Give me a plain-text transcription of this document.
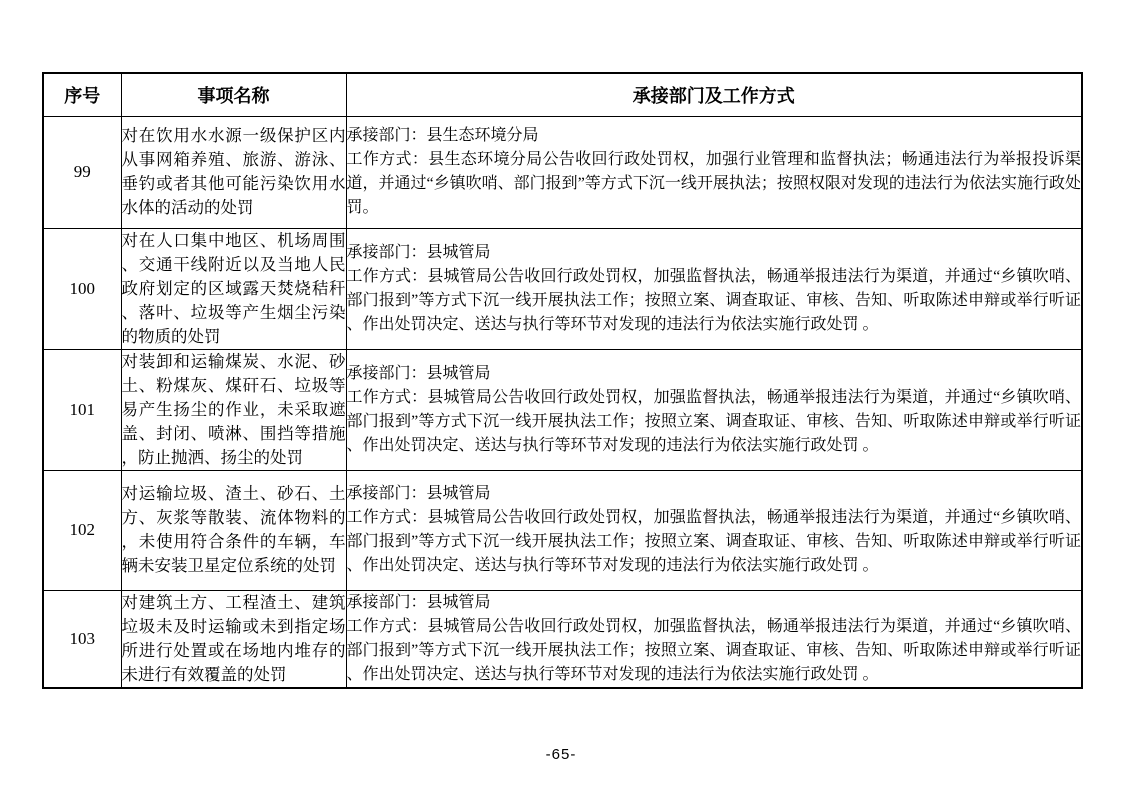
序号	事项名称	承接部门及工作方式
99	对在饮用水水源一级保护区内从事网箱养殖、旅游、游泳、垂钓或者其他可能污染饮用水水体的活动的处罚	承接部门：县生态环境分局
工作方式：县生态环境分局公告收回行政处罚权，加强行业管理和监督执法；畅通违法行为举报投诉渠道，并通过“乡镇吹哨、部门报到”等方式下沉一线开展执法；按照权限对发现的违法行为依法实施行政处罚。

100	对在人口集中地区、机场周围、交通干线附近以及当地人民政府划定的区域露天焚烧秸秆、落叶、垃圾等产生烟尘污染的物质的处罚	承接部门：县城管局
工作方式：县城管局公告收回行政处罚权，加强监督执法，畅通举报违法行为渠道，并通过“乡镇吹哨、部门报到”等方式下沉一线开展执法工作；按照立案、调查取证、审核、告知、听取陈述申辩或举行听证、作出处罚决定、送达与执行等环节对发现的违法行为依法实施行政处罚 。

101	对装卸和运输煤炭、水泥、砂土、粉煤灰、煤矸石、垃圾等易产生扬尘的作业，未采取遮盖、封闭、喷淋、围挡等措施，防止抛洒、扬尘的处罚	承接部门：县城管局
工作方式：县城管局公告收回行政处罚权，加强监督执法，畅通举报违法行为渠道，并通过“乡镇吹哨、部门报到”等方式下沉一线开展执法工作；按照立案、调查取证、审核、告知、听取陈述申辩或举行听证、作出处罚决定、送达与执行等环节对发现的违法行为依法实施行政处罚 。

102	对运输垃圾、渣土、砂石、土方、灰浆等散装、流体物料的，未使用符合条件的车辆，车辆未安装卫星定位系统的处罚	承接部门：县城管局
工作方式：县城管局公告收回行政处罚权，加强监督执法，畅通举报违法行为渠道，并通过“乡镇吹哨、部门报到”等方式下沉一线开展执法工作；按照立案、调查取证、审核、告知、听取陈述申辩或举行听证、作出处罚决定、送达与执行等环节对发现的违法行为依法实施行政处罚 。

103	对建筑土方、工程渣土、建筑垃圾未及时运输或未到指定场所进行处置或在场地内堆存的未进行有效覆盖的处罚	承接部门：县城管局
工作方式：县城管局公告收回行政处罚权，加强监督执法，畅通举报违法行为渠道，并通过“乡镇吹哨、部门报到”等方式下沉一线开展执法工作；按照立案、调查取证、审核、告知、听取陈述申辩或举行听证、作出处罚决定、送达与执行等环节对发现的违法行为依法实施行政处罚 。
-65-
